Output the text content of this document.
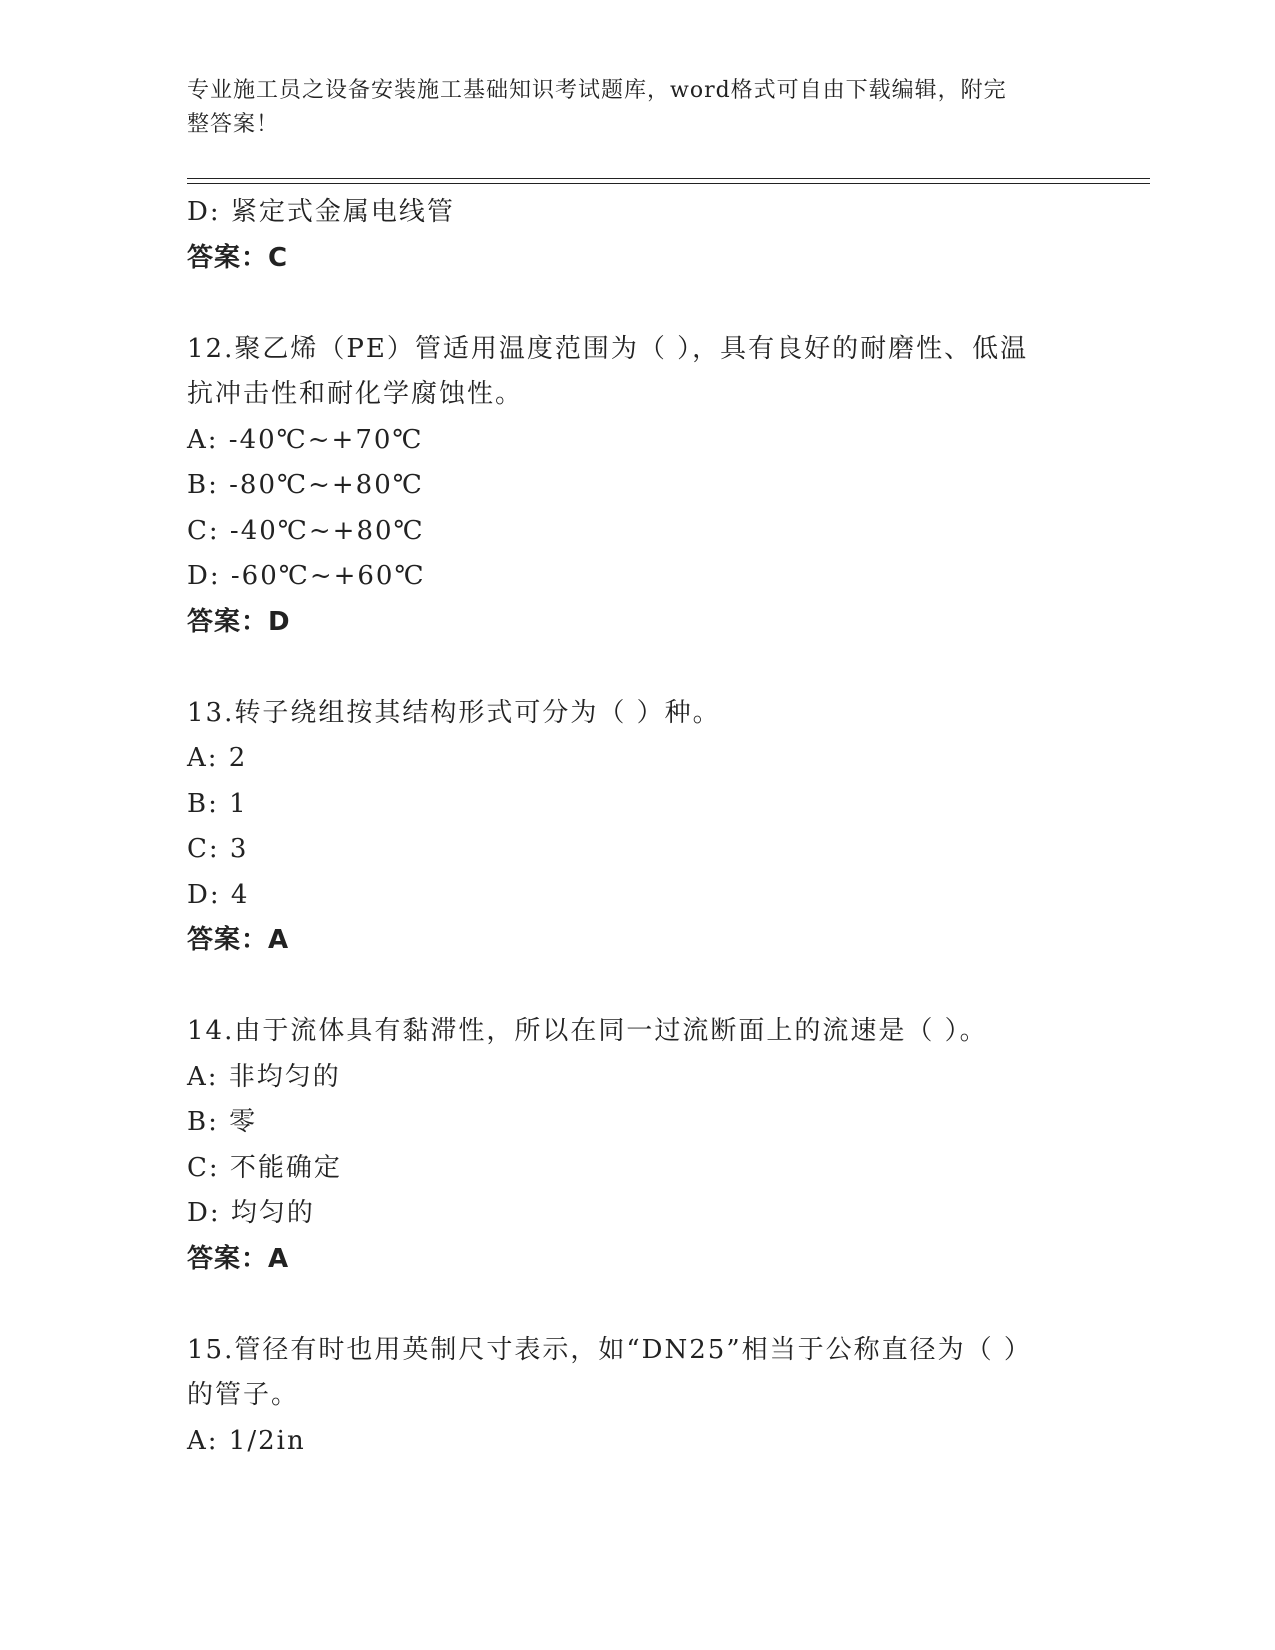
专业施工员之设备安装施工基础知识考试题库，word格式可自由下载编辑，附完
整答案！
D: 紧定式金属电线管
答案：C
12.聚乙烯（PE）管适用温度范围为（ ），具有良好的耐磨性、低温
抗冲击性和耐化学腐蚀性。
A: -40℃~+70℃
B: -80℃~+80℃
C: -40℃~+80℃
D: -60℃~+60℃
答案：D
13.转子绕组按其结构形式可分为（ ）种。
A: 2
B: 1
C: 3
D: 4
答案：A
14.由于流体具有黏滞性，所以在同一过流断面上的流速是（ ）。
A: 非均匀的
B: 零
C: 不能确定
D: 均匀的
答案：A
15.管径有时也用英制尺寸表示，如“DN25”相当于公称直径为（ ）
的管子。
A: 1/2in
